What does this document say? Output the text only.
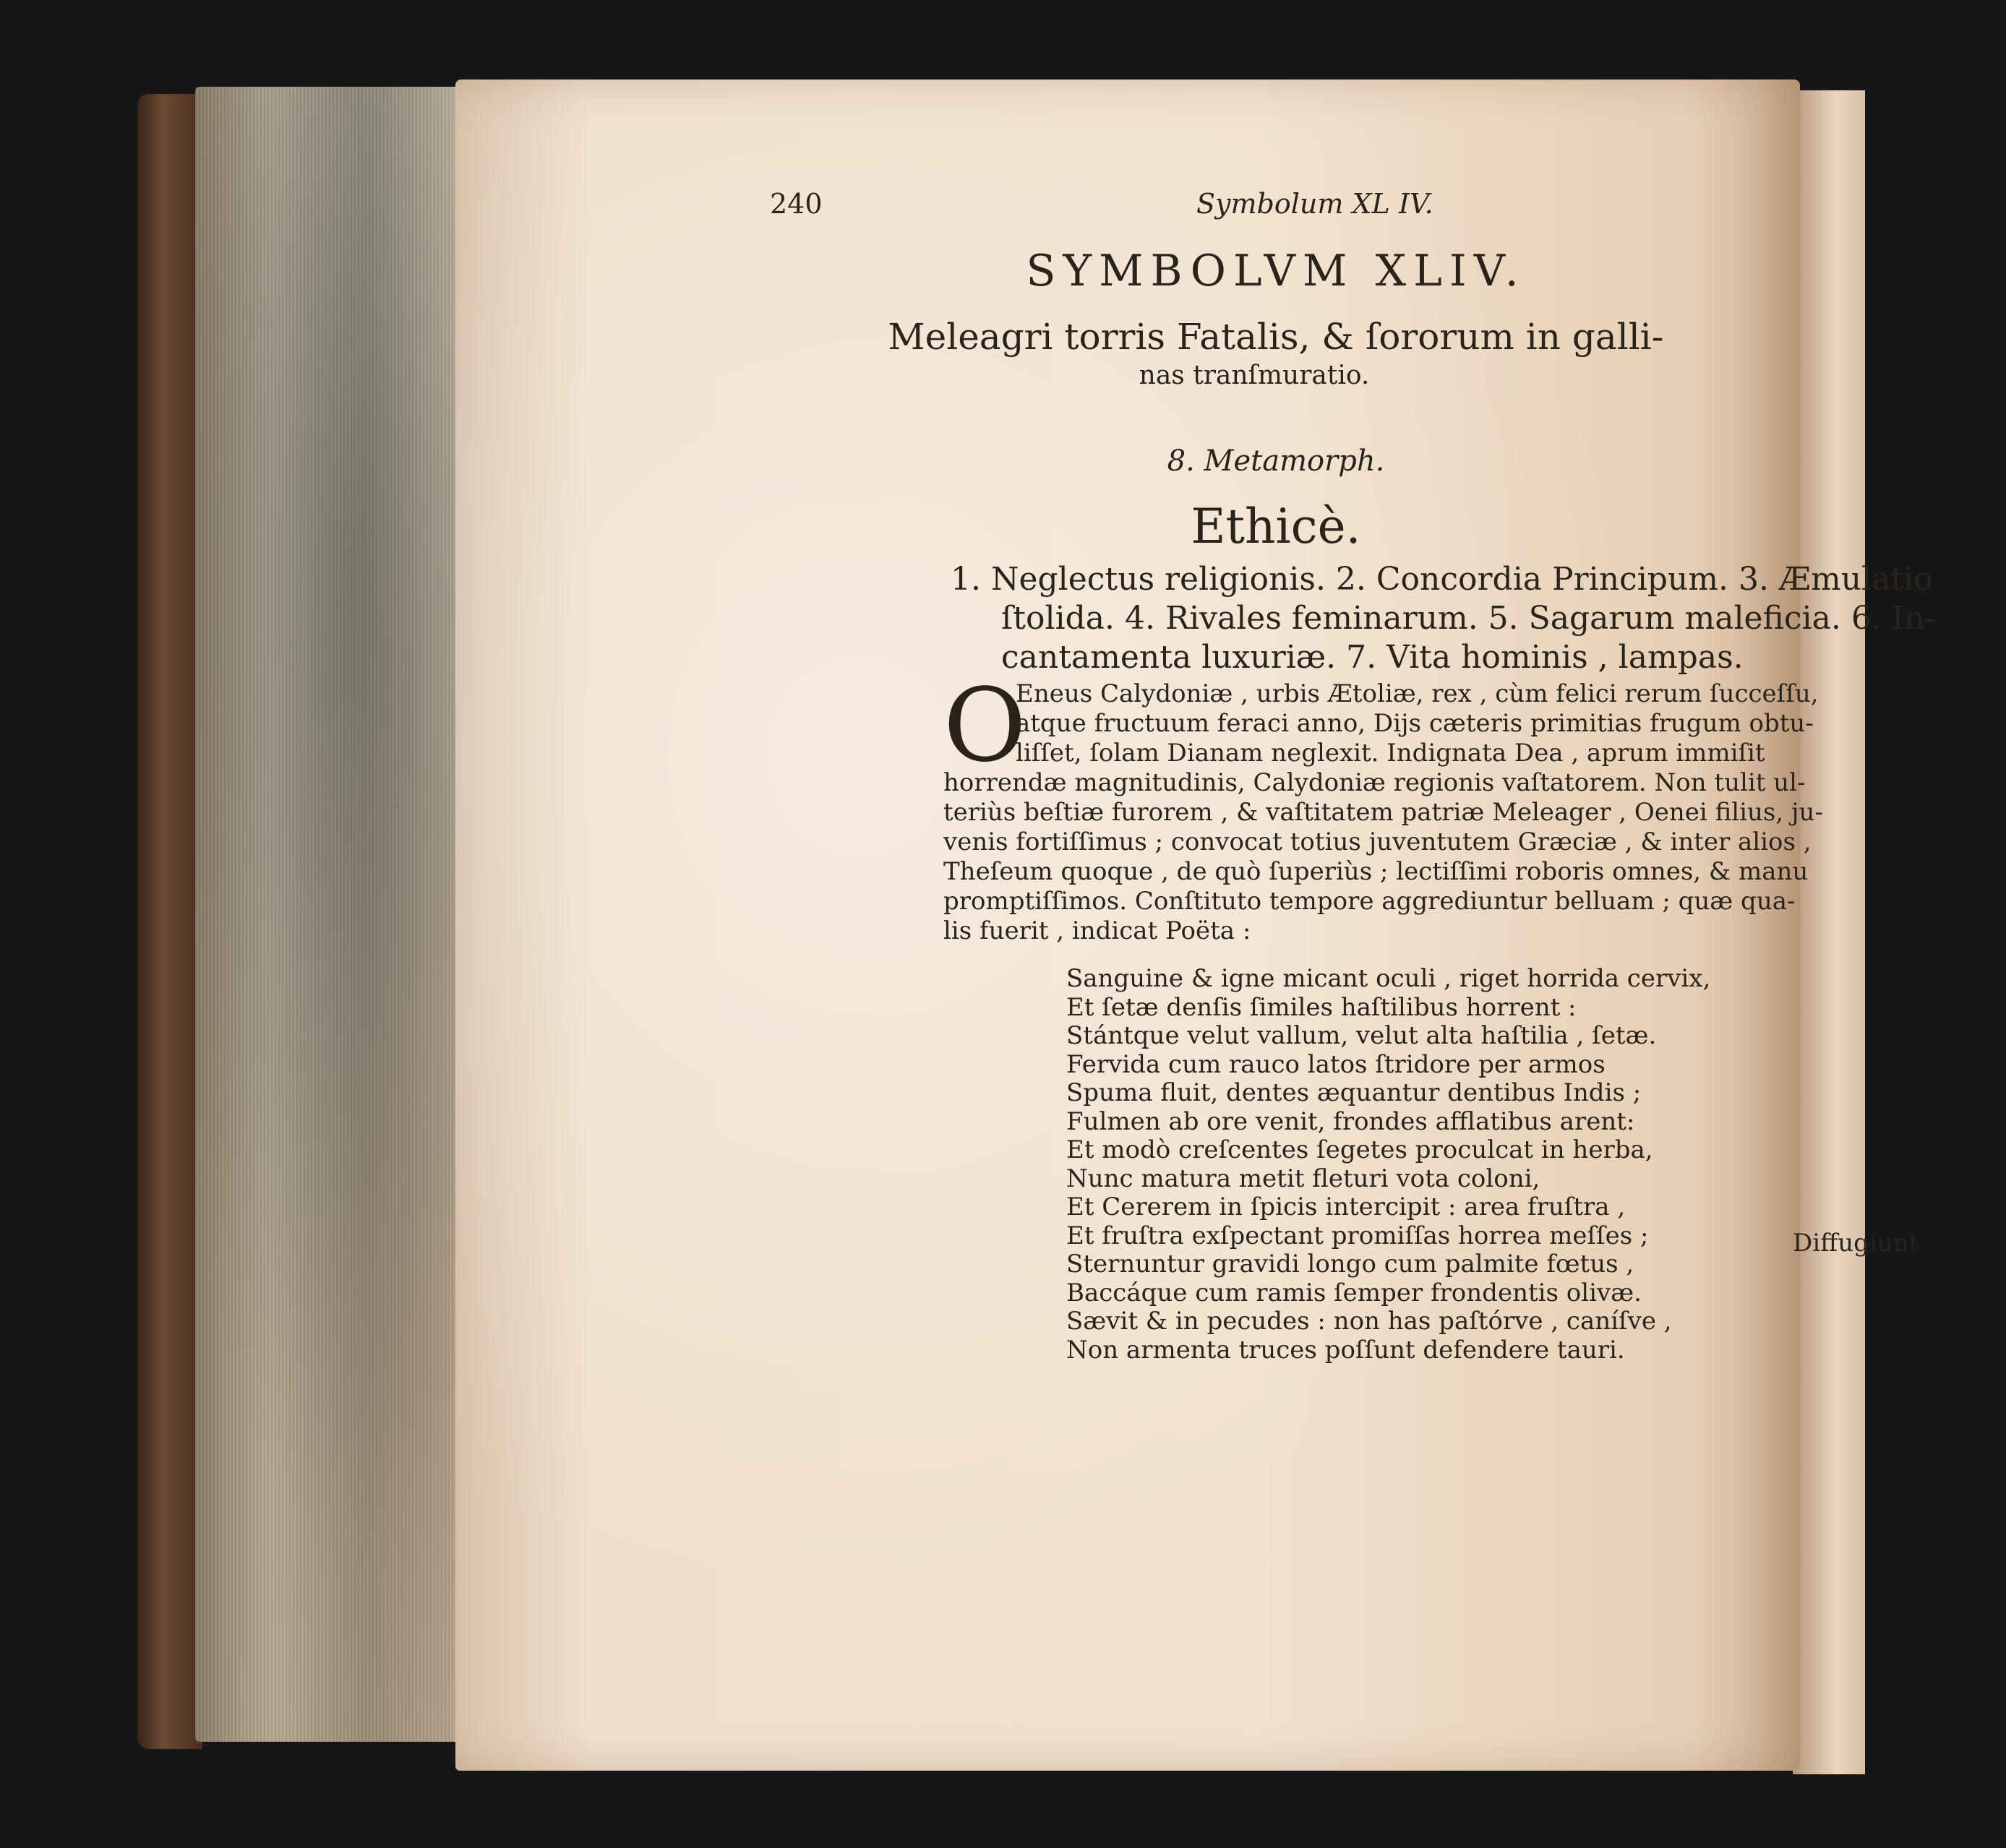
240	Symbolum XL IV.
SYMBOLVM XLIV.
Meleagri torris Fatalis, & ſororum in galli-
nas tranſmuratio.
8. Metamorph.
Ethicè.
1. Neglectus religionis. 2. Concordia Principum. 3. Æmulatio
ſtolida. 4. Rivales feminarum. 5. Sagarum maleficia. 6. In-
cantamenta luxuriæ. 7. Vita hominis , lampas.
O
Eneus Calydoniæ , urbis Ætoliæ, rex , cùm felici rerum ſucceſſu,
atque fructuum feraci anno, Dijs cæteris primitias frugum obtu-
liſſet, ſolam Dianam neglexit. Indignata Dea , aprum immiſit
horrendæ magnitudinis, Calydoniæ regionis vaſtatorem. Non tulit ul-
teriùs beſtiæ furorem , & vaſtitatem patriæ Meleager , Oenei filius, ju-
venis fortiſſimus ; convocat totius juventutem Græciæ , & inter alios ,
Theſeum quoque , de quò ſuperiùs ; lectiſſimi roboris omnes, & manu
promptiſſimos. Conſtituto tempore aggrediuntur belluam ; quæ qua-
lis fuerit , indicat Poëta :
Sanguine & igne micant oculi , riget horrida cervix,
Et ſetæ denſis ſimiles haſtilibus horrent :
Stántque velut vallum, velut alta haſtilia , ſetæ.
Fervida cum rauco latos ſtridore per armos
Spuma fluit, dentes æquantur dentibus Indis ;
Fulmen ab ore venit, frondes afflatibus arent:
Et modò creſcentes ſegetes proculcat in herba,
Nunc matura metit fleturi vota coloni,
Et Cererem in ſpicis intercipit : area fruſtra ,
Et fruſtra exſpectant promiſſas horrea meſſes ;
Sternuntur gravidi longo cum palmite fœtus ,
Baccáque cum ramis ſemper frondentis olivæ.
Sævit & in pecudes : non has paſtórve , caníſve ,
Non armenta truces poſſunt defendere tauri.
Diffugiunt
